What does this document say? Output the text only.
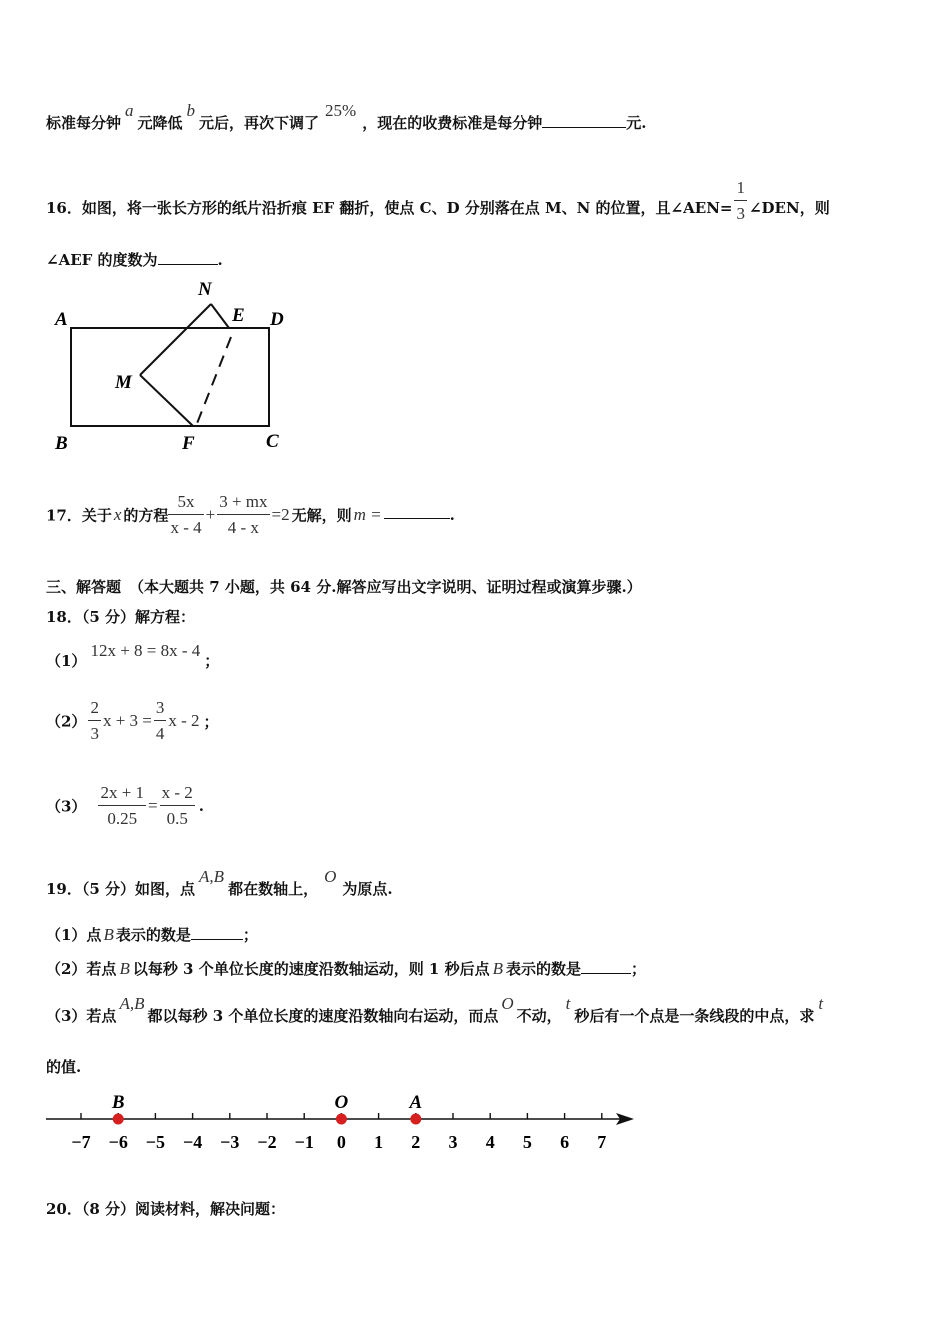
标准每分钟a元降低b元后，再次下调了25%，现在的收费标准是每分钟	元.
16．如图，将一张长方形的纸片沿折痕 EF 翻折，使点 C、D 分别落在点 M、N 的位置，且∠AEN= $\frac{1}{3}$ ∠DEN，则
∠AEF 的度数为	.
A
N
E D
M
B	F	C
17．关于 x 的方程 $\frac{5x}{x - 4} + \frac{3 + mx}{4 - x} =2$ 无解，则 m =	.
三、解答题 （本大题共 7 小题，共 64 分.解答应写出文字说明、证明过程或演算步骤.）
18．（5 分）解方程：
（1）12x + 8 = 8x - 4；
$(2) \frac{2}{3}$ $x + 3 = \frac{3}{4}$ x - 2 ；
$(3) \frac{2x + 1}{0.25} = \frac{x - 2}{0.5}$ .
19．（5 分）如图，点A,B都在数轴上，O为原点.
（1）点 B 表示的数是	；
（2）若点 B 以每秒 3 个单位长度的速度沿数轴运动，则 1 秒后点 B 表示的数是	；
（3）若点A,B都以每秒 3 个单位长度的速度沿数轴向右运动，而点O不动，t秒后有一个点是一条线段的中点，求t
的值.
−7 −6 −5 −4 −3 −2 −1 0 1 2 3 4 5 6 7
B	O	A
20．（8 分）阅读材料，解决问题：
